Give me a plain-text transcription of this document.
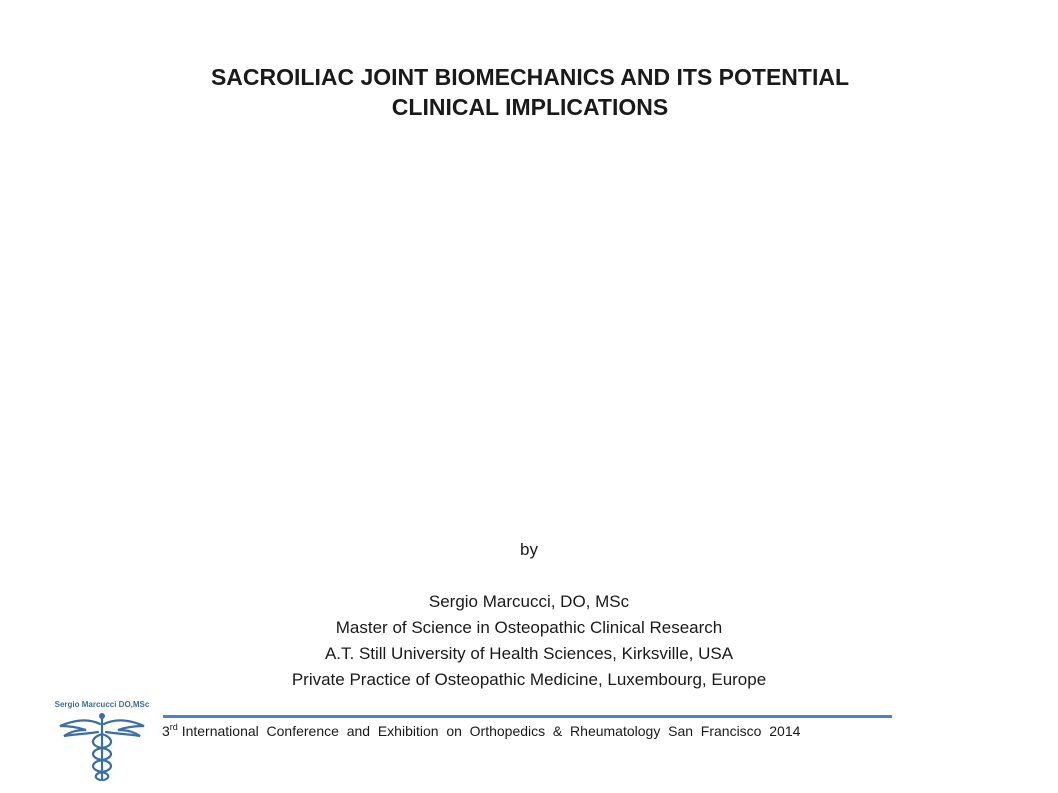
SACROILIAC JOINT BIOMECHANICS AND ITS POTENTIAL
CLINICAL IMPLICATIONS
by
Sergio Marcucci, DO, MSc
Master of Science in Osteopathic Clinical Research
A.T. Still University of Health Sciences, Kirksville, USA
Private Practice of Osteopathic Medicine, Luxembourg, Europe
Sergio Marcucci DO,MSc
3rd International  Conference  and  Exhibition  on  Orthopedics  &  Rheumatology  San  Francisco  2014
